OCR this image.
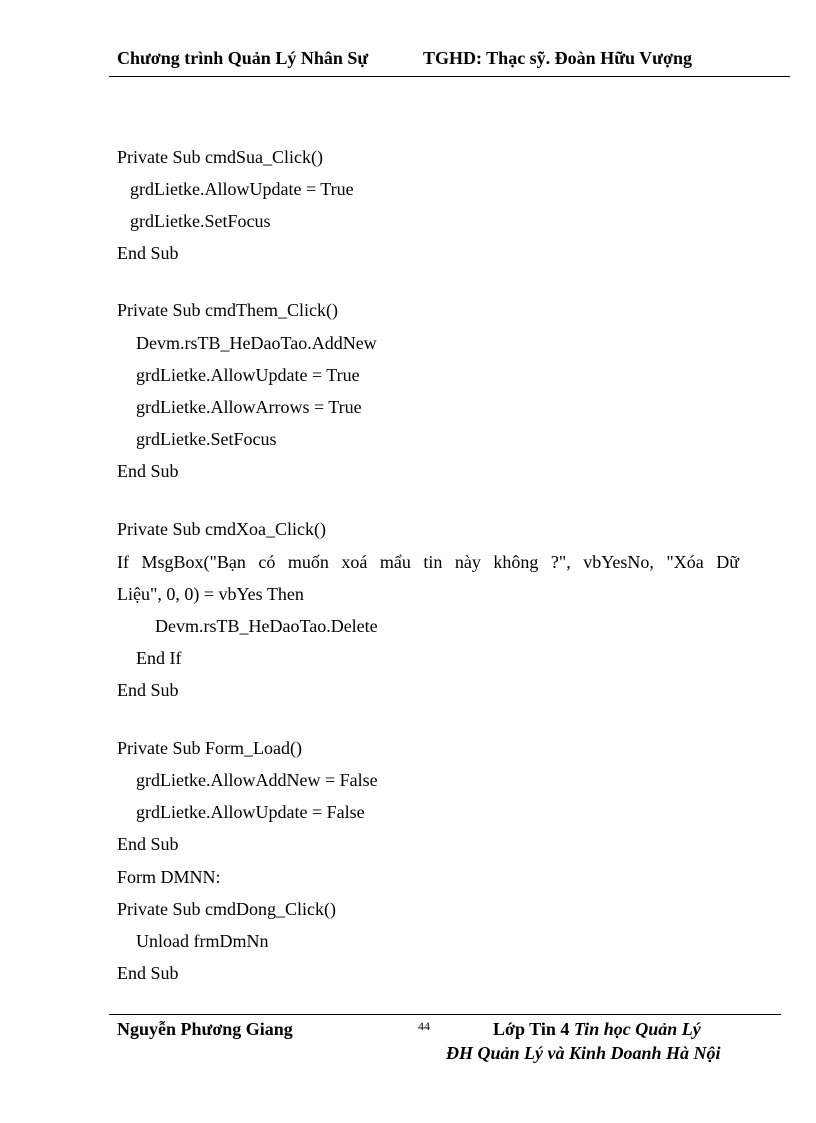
Chương trình Quản Lý Nhân Sự	TGHD: Thạc sỹ. Đoàn Hữu Vượng
Private Sub cmdSua_Click()
grdLietke.AllowUpdate = True
grdLietke.SetFocus
End Sub
Private Sub cmdThem_Click()
Devm.rsTB_HeDaoTao.AddNew
grdLietke.AllowUpdate = True
grdLietke.AllowArrows = True
grdLietke.SetFocus
End Sub
Private Sub cmdXoa_Click()
If MsgBox("Bạn có muốn xoá mẩu tin này không ?", vbYesNo, "Xóa Dữ
Liệu", 0, 0) = vbYes Then
Devm.rsTB_HeDaoTao.Delete
End If
End Sub
Private Sub Form_Load()
grdLietke.AllowAddNew = False
grdLietke.AllowUpdate = False
End Sub
Form DMNN:
Private Sub cmdDong_Click()
Unload frmDmNn
End Sub
Nguyễn Phương Giang	44	Lớp Tin 4 Tin học Quản Lý
ĐH Quản Lý và Kinh Doanh Hà Nội
